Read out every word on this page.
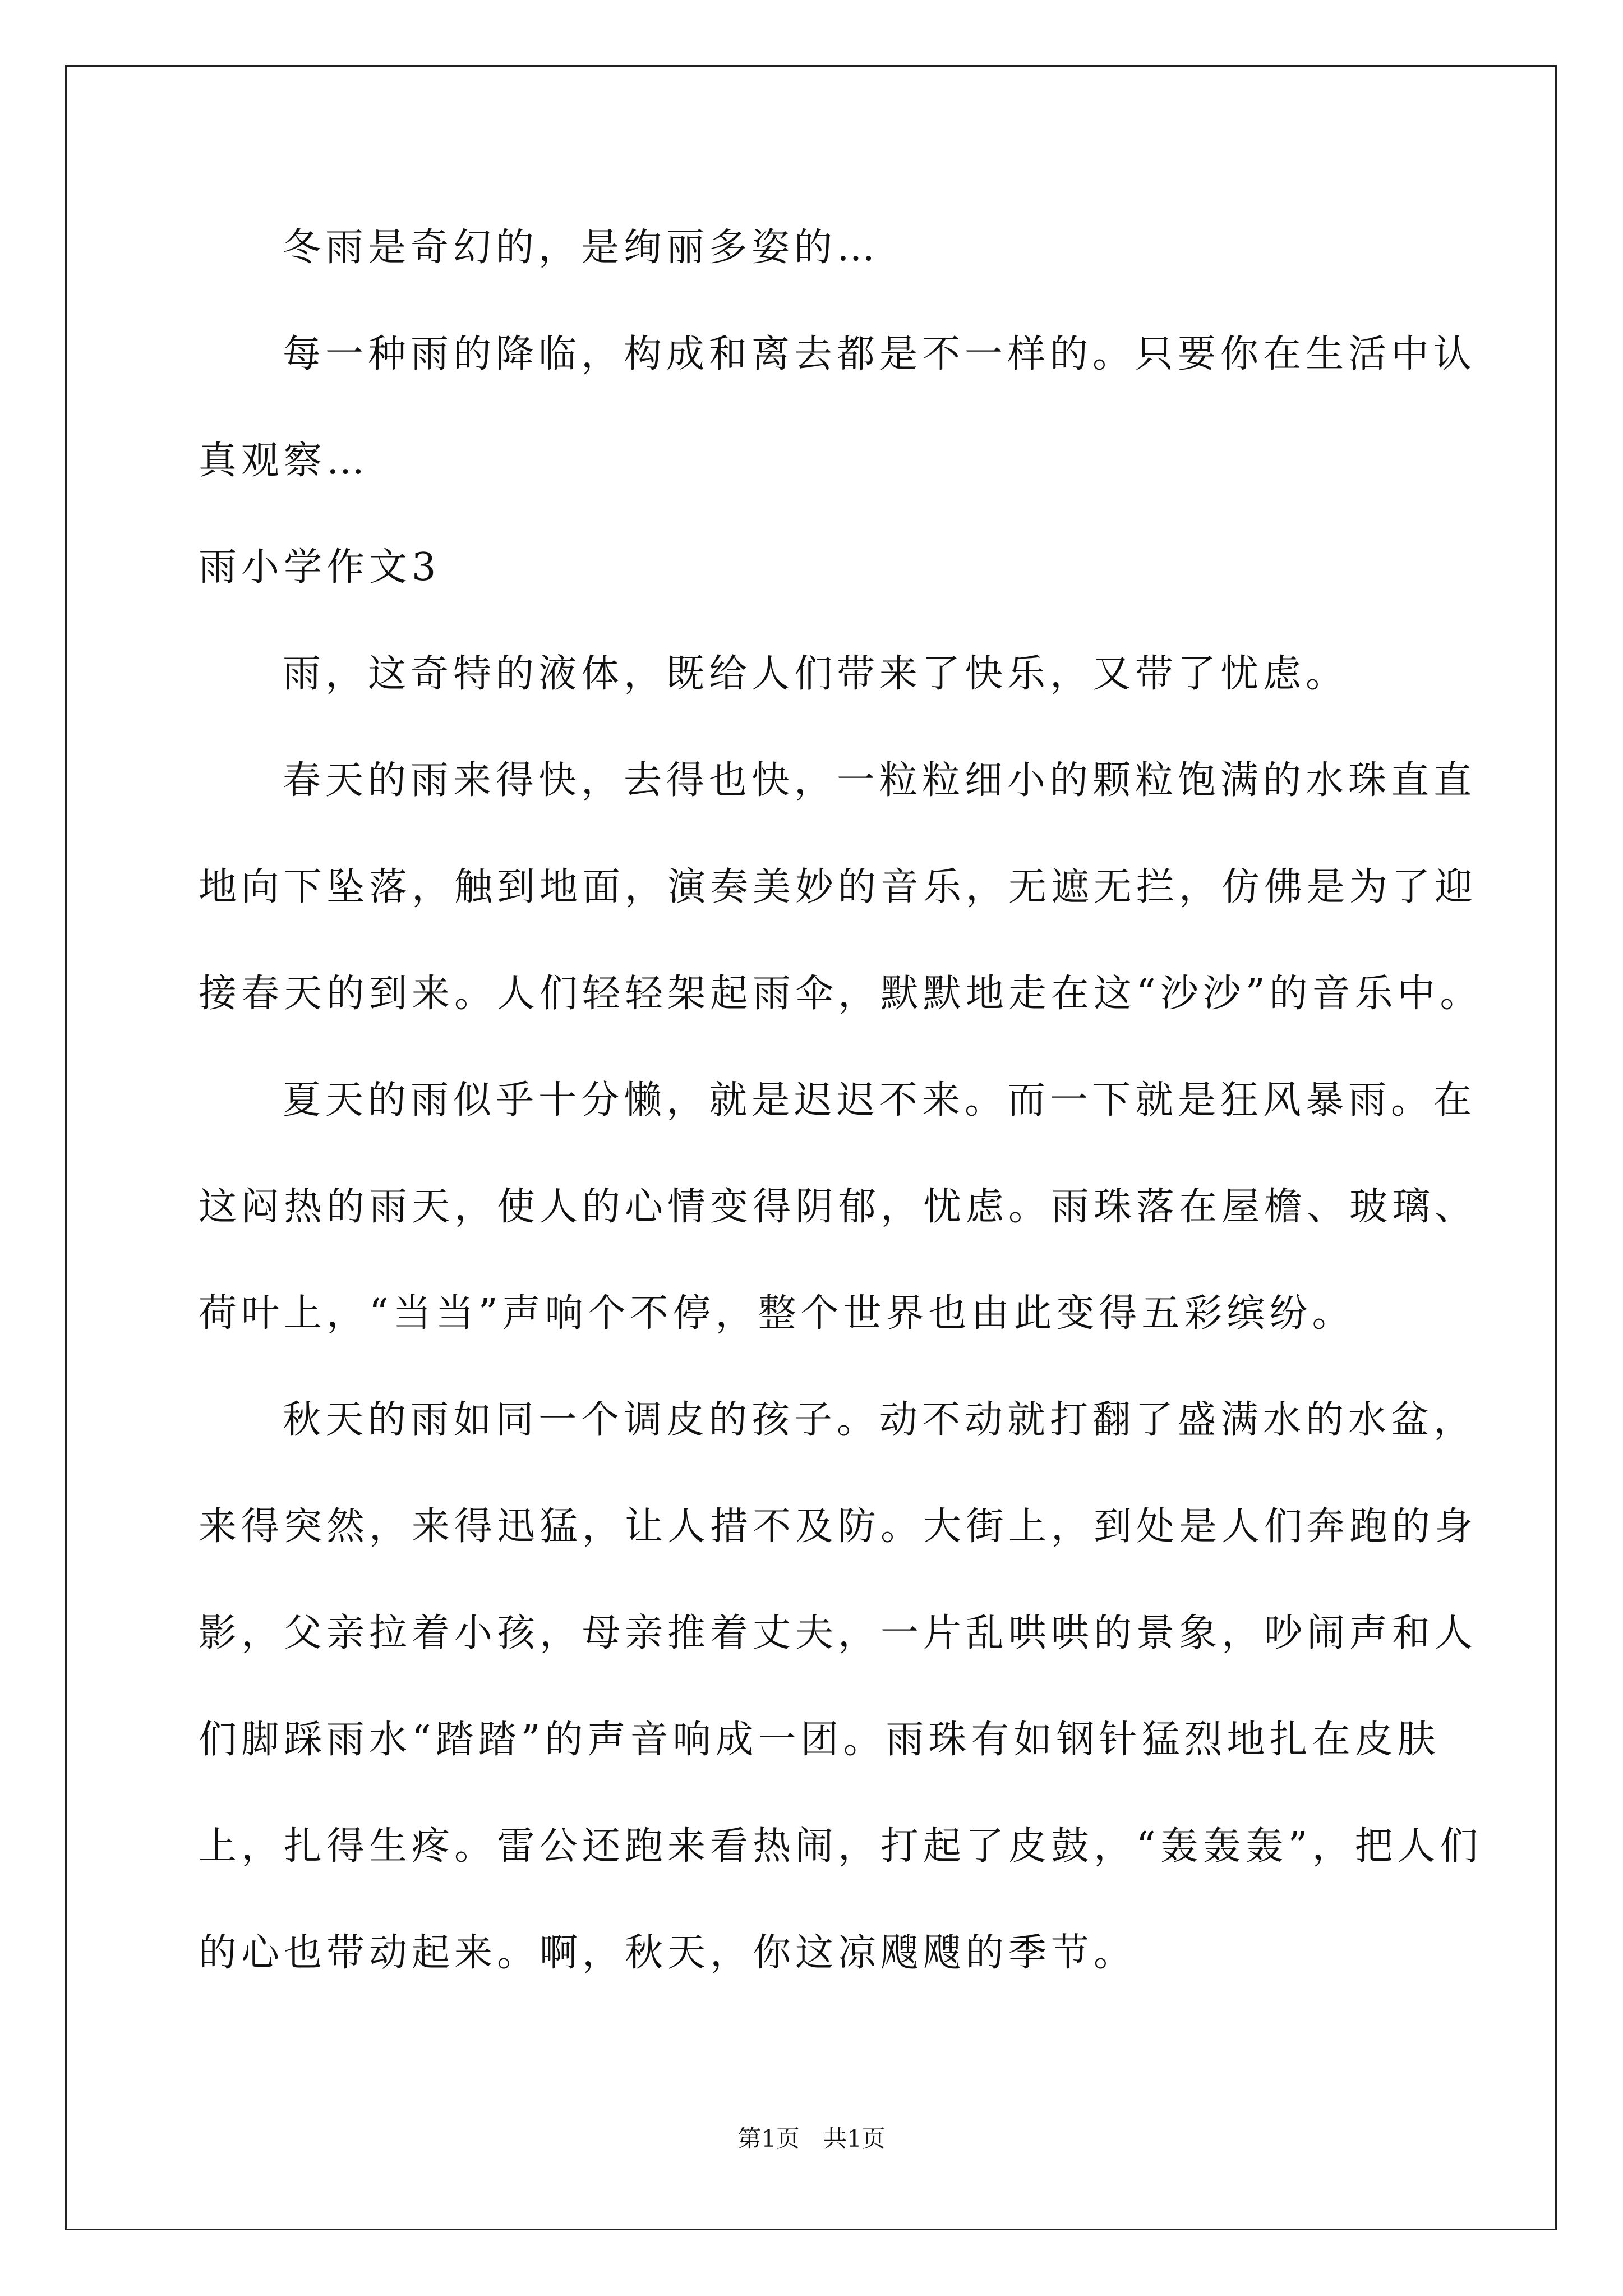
冬雨是奇幻的，是绚丽多姿的…
每一种雨的降临，构成和离去都是不一样的。只要你在生活中认
真观察…
雨小学作文3
雨，这奇特的液体，既给人们带来了快乐，又带了忧虑。
春天的雨来得快，去得也快，一粒粒细小的颗粒饱满的水珠直直
地向下坠落，触到地面，演奏美妙的音乐，无遮无拦，仿佛是为了迎
接春天的到来。人们轻轻架起雨伞，默默地走在这“沙沙”的音乐中。
夏天的雨似乎十分懒，就是迟迟不来。而一下就是狂风暴雨。在
这闷热的雨天，使人的心情变得阴郁，忧虑。雨珠落在屋檐、玻璃、
荷叶上，“当当”声响个不停，整个世界也由此变得五彩缤纷。
秋天的雨如同一个调皮的孩子。动不动就打翻了盛满水的水盆，
来得突然，来得迅猛，让人措不及防。大街上，到处是人们奔跑的身
影，父亲拉着小孩，母亲推着丈夫，一片乱哄哄的景象，吵闹声和人
们脚踩雨水“踏踏”的声音响成一团。雨珠有如钢针猛烈地扎在皮肤
上，扎得生疼。雷公还跑来看热闹，打起了皮鼓，“轰轰轰”，把人们
的心也带动起来。啊，秋天，你这凉飕飕的季节。
第1页　共1页
